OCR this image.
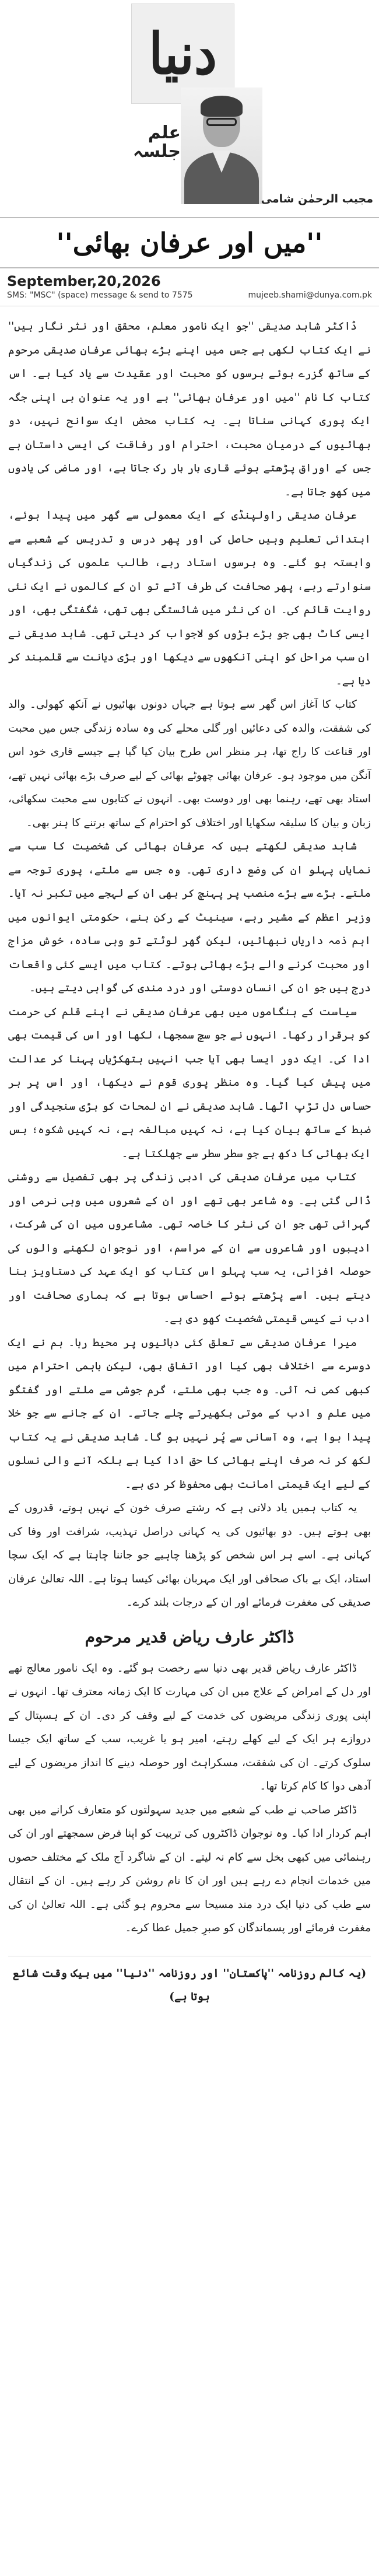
دنیا
علم
جلسہ
مجیب الرحمٰن شامی
''میں اور عرفان بھائی''
September,20,2026
SMS: "MSC" (space) message & send to 7575	mujeeb.shami@dunya.com.pk

ڈاکٹر شاہد صدیقی ''جو ایک نامور معلم، محقق اور نثر نگار ہیں'' نے ایک کتاب لکھی ہے جس میں اپنے بڑے بھائی عرفان صدیقی مرحوم کے ساتھ گزرے ہوئے برسوں کو محبت اور عقیدت سے یاد کیا ہے۔ اس کتاب کا نام ''میں اور عرفان بھائی'' ہے اور یہ عنوان ہی اپنی جگہ ایک پوری کہانی سناتا ہے۔ یہ کتاب محض ایک سوانح نہیں، دو بھائیوں کے درمیان محبت، احترام اور رفاقت کی ایسی داستان ہے جس کے اوراق پڑھتے ہوئے قاری بار بار رک جاتا ہے، اور ماضی کی یادوں میں کھو جاتا ہے۔

عرفان صدیقی راولپنڈی کے ایک معمولی سے گھر میں پیدا ہوئے، ابتدائی تعلیم وہیں حاصل کی اور پھر درس و تدریس کے شعبے سے وابستہ ہو گئے۔ وہ برسوں استاد رہے، طالب علموں کی زندگیاں سنوارتے رہے، پھر صحافت کی طرف آئے تو ان کے کالموں نے ایک نئی روایت قائم کی۔ ان کی نثر میں شائستگی بھی تھی، شگفتگی بھی، اور ایسی کاٹ بھی جو بڑے بڑوں کو لاجواب کر دیتی تھی۔ شاہد صدیقی نے ان سب مراحل کو اپنی آنکھوں سے دیکھا اور بڑی دیانت سے قلمبند کر دیا ہے۔

کتاب کا آغاز اس گھر سے ہوتا ہے جہاں دونوں بھائیوں نے آنکھ کھولی۔ والد کی شفقت، والدہ کی دعائیں اور گلی محلے کی وہ سادہ زندگی جس میں محبت اور قناعت کا راج تھا، ہر منظر اس طرح بیان کیا گیا ہے جیسے قاری خود اس آنگن میں موجود ہو۔ عرفان بھائی چھوٹے بھائی کے لیے صرف بڑے بھائی نہیں تھے، استاد بھی تھے، رہنما بھی اور دوست بھی۔ انہوں نے کتابوں سے محبت سکھائی، زبان و بیان کا سلیقہ سکھایا اور اختلاف کو احترام کے ساتھ برتنے کا ہنر بھی۔

شاہد صدیقی لکھتے ہیں کہ عرفان بھائی کی شخصیت کا سب سے نمایاں پہلو ان کی وضع داری تھی۔ وہ جس سے ملتے، پوری توجہ سے ملتے۔ بڑے سے بڑے منصب پر پہنچ کر بھی ان کے لہجے میں تکبر نہ آیا۔ وزیر اعظم کے مشیر رہے، سینیٹ کے رکن بنے، حکومتی ایوانوں میں اہم ذمہ داریاں نبھائیں، لیکن گھر لوٹتے تو وہی سادہ، خوش مزاج اور محبت کرنے والے بڑے بھائی ہوتے۔ کتاب میں ایسے کئی واقعات درج ہیں جو ان کی انسان دوستی اور درد مندی کی گواہی دیتے ہیں۔

سیاست کے ہنگاموں میں بھی عرفان صدیقی نے اپنے قلم کی حرمت کو برقرار رکھا۔ انہوں نے جو سچ سمجھا، لکھا اور اس کی قیمت بھی ادا کی۔ ایک دور ایسا بھی آیا جب انہیں ہتھکڑیاں پہنا کر عدالت میں پیش کیا گیا۔ وہ منظر پوری قوم نے دیکھا، اور اس پر ہر حساس دل تڑپ اٹھا۔ شاہد صدیقی نے ان لمحات کو بڑی سنجیدگی اور ضبط کے ساتھ بیان کیا ہے، نہ کہیں مبالغہ ہے، نہ کہیں شکوہ؛ بس ایک بھائی کا دکھ ہے جو سطر سطر سے جھلکتا ہے۔

کتاب میں عرفان صدیقی کی ادبی زندگی پر بھی تفصیل سے روشنی ڈالی گئی ہے۔ وہ شاعر بھی تھے اور ان کے شعروں میں وہی نرمی اور گہرائی تھی جو ان کی نثر کا خاصہ تھی۔ مشاعروں میں ان کی شرکت، ادیبوں اور شاعروں سے ان کے مراسم، اور نوجوان لکھنے والوں کی حوصلہ افزائی، یہ سب پہلو اس کتاب کو ایک عہد کی دستاویز بنا دیتے ہیں۔ اسے پڑھتے ہوئے احساس ہوتا ہے کہ ہماری صحافت اور ادب نے کیسی قیمتی شخصیت کھو دی ہے۔

میرا عرفان صدیقی سے تعلق کئی دہائیوں پر محیط رہا۔ ہم نے ایک دوسرے سے اختلاف بھی کیا اور اتفاق بھی، لیکن باہمی احترام میں کبھی کمی نہ آئی۔ وہ جب بھی ملتے، گرم جوشی سے ملتے اور گفتگو میں علم و ادب کے موتی بکھیرتے چلے جاتے۔ ان کے جانے سے جو خلا پیدا ہوا ہے، وہ آسانی سے پُر نہیں ہو گا۔ شاہد صدیقی نے یہ کتاب لکھ کر نہ صرف اپنے بھائی کا حق ادا کیا ہے بلکہ آنے والی نسلوں کے لیے ایک قیمتی امانت بھی محفوظ کر دی ہے۔

یہ کتاب ہمیں یاد دلاتی ہے کہ رشتے صرف خون کے نہیں ہوتے، قدروں کے بھی ہوتے ہیں۔ دو بھائیوں کی یہ کہانی دراصل تہذیب، شرافت اور وفا کی کہانی ہے۔ اسے ہر اس شخص کو پڑھنا چاہیے جو جاننا چاہتا ہے کہ ایک سچا استاد، ایک بے باک صحافی اور ایک مہربان بھائی کیسا ہوتا ہے۔ اللہ تعالیٰ عرفان صدیقی کی مغفرت فرمائے اور ان کے درجات بلند کرے۔

ڈاکٹر عارف ریاض قدیر مرحوم

ڈاکٹر عارف ریاض قدیر بھی دنیا سے رخصت ہو گئے۔ وہ ایک نامور معالج تھے اور دل کے امراض کے علاج میں ان کی مہارت کا ایک زمانہ معترف تھا۔ انہوں نے اپنی پوری زندگی مریضوں کی خدمت کے لیے وقف کر دی۔ ان کے ہسپتال کے دروازے ہر ایک کے لیے کھلے رہتے، امیر ہو یا غریب، سب کے ساتھ ایک جیسا سلوک کرتے۔ ان کی شفقت، مسکراہٹ اور حوصلہ دینے کا انداز مریضوں کے لیے آدھی دوا کا کام کرتا تھا۔

ڈاکٹر صاحب نے طب کے شعبے میں جدید سہولتوں کو متعارف کرانے میں بھی اہم کردار ادا کیا۔ وہ نوجوان ڈاکٹروں کی تربیت کو اپنا فرض سمجھتے اور ان کی رہنمائی میں کبھی بخل سے کام نہ لیتے۔ ان کے شاگرد آج ملک کے مختلف حصوں میں خدمات انجام دے رہے ہیں اور ان کا نام روشن کر رہے ہیں۔ ان کے انتقال سے طب کی دنیا ایک درد مند مسیحا سے محروم ہو گئی ہے۔ اللہ تعالیٰ ان کی مغفرت فرمائے اور پسماندگان کو صبرِ جمیل عطا کرے۔

(یہ کالم روزنامہ ''پاکستان'' اور روزنامہ ''دنیا'' میں بیک وقت شائع ہوتا ہے)
